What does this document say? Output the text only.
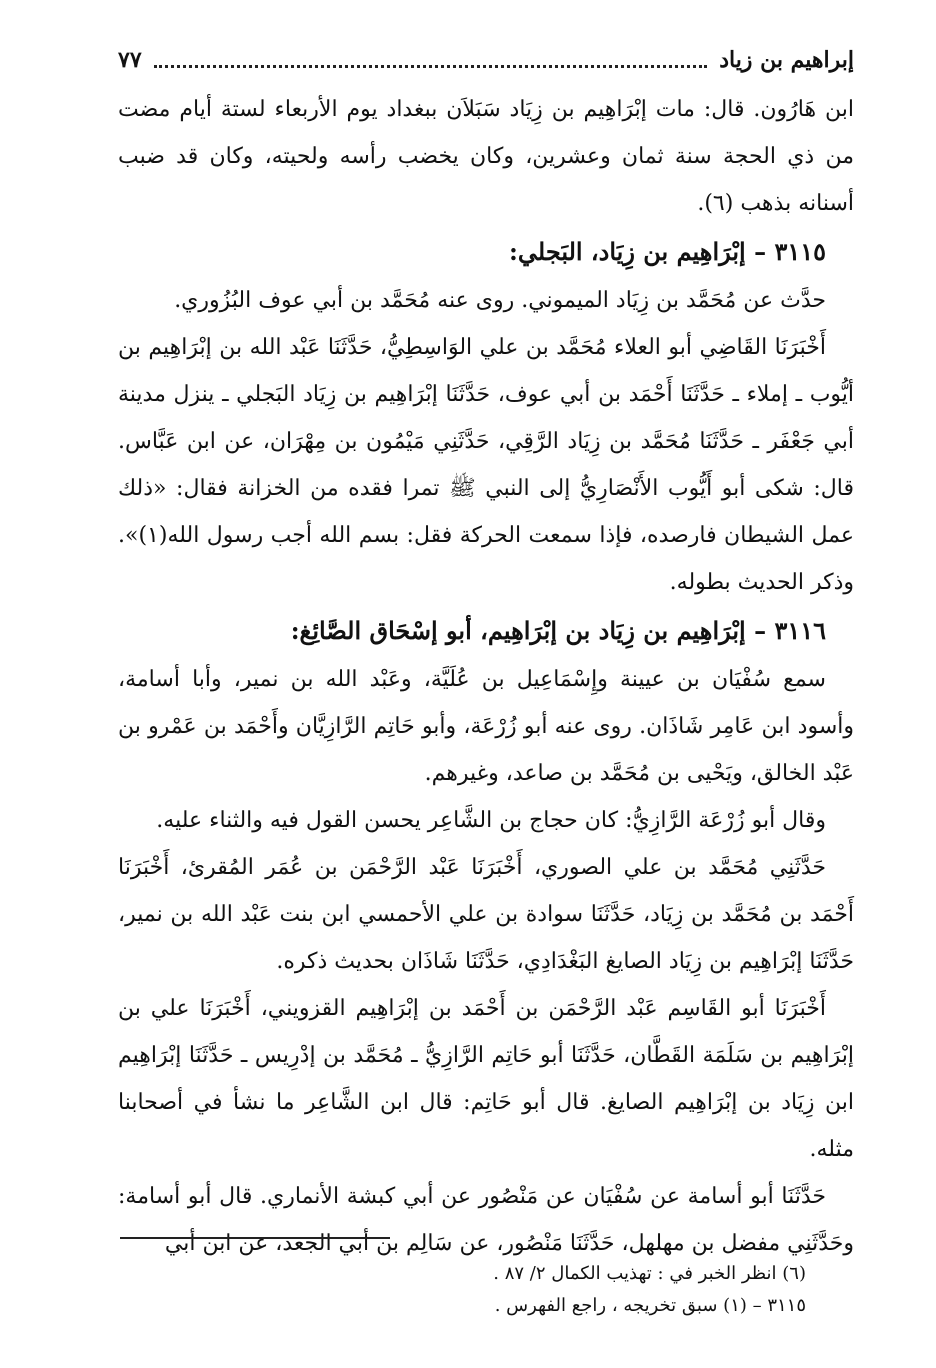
إبراهيم بن زياد
٧٧

ابن هَارُون. قال: مات إبْرَاهِيم بن زِيَاد سَبَلاَن ببغداد يوم الأربعاء لستة أيام مضت من ذي الحجة سنة ثمان وعشرين، وكان يخضب رأسه ولحيته، وكان قد ضبب أسنانه بذهب (٦).

٣١١٥ – إبْرَاهِيم بن زِيَاد، البَجلي:

حدَّث عن مُحَمَّد بن زِيَاد الميموني. روى عنه مُحَمَّد بن أبي عوف البُزُوري.

أَخْبَرَنَا القَاضِي أبو العلاء مُحَمَّد بن علي الوَاسِطِيُّ، حَدَّثَنَا عَبْد الله بن إبْرَاهِيم بن أيُّوب ـ إملاء ـ حَدَّثَنَا أَحْمَد بن أبي عوف، حَدَّثَنَا إبْرَاهِيم بن زِيَاد البَجلي ـ ينزل مدينة أبي جَعْفَر ـ حَدَّثَنَا مُحَمَّد بن زِيَاد الرَّقِي، حَدَّثَنِي مَيْمُون بن مِهْرَان، عن ابن عَبَّاس. قال: شكى أبو أَيُّوب الأَنْصَارِيُّ إلى النبي ﷺ تمرا فقده من الخزانة فقال: «ذلك عمل الشيطان فارصده، فإذا سمعت الحركة فقل: بسم الله أجب رسول الله(١)». وذكر الحديث بطوله.

٣١١٦ – إبْرَاهِيم بن زِيَاد بن إبْرَاهِيم، أبو إسْحَاق الصَّائِغ:

سمع سُفْيَان بن عيينة وإِسْمَاعِيل بن عُلَيَّة، وعَبْد الله بن نمير، وأبا أسامة، وأسود ابن عَامِر شَاذَان. روى عنه أبو زُرْعَة، وأبو حَاتِم الرَّازِيَّان وأَحْمَد بن عَمْرو بن عَبْد الخالق، ويَحْيى بن مُحَمَّد بن صاعد، وغيرهم.

وقال أبو زُرْعَة الرَّازِيُّ: كان حجاج بن الشَّاعِر يحسن القول فيه والثناء عليه.

حَدَّثَنِي مُحَمَّد بن علي الصوري، أَخْبَرَنَا عَبْد الرَّحْمَن بن عُمَر المُقرئ، أَخْبَرَنَا أَحْمَد بن مُحَمَّد بن زِيَاد، حَدَّثَنَا سوادة بن علي الأحمسي ابن بنت عَبْد الله بن نمير، حَدَّثَنَا إبْرَاهِيم بن زِيَاد الصايغ البَغْدَادِي، حَدَّثَنَا شَاذَان بحديث ذكره.

أَخْبَرَنَا أبو القَاسِم عَبْد الرَّحْمَن بن أَحْمَد بن إبْرَاهِيم القزويني، أَخْبَرَنَا علي بن إبْرَاهِيم بن سَلَمَة القَطَّان، حَدَّثَنَا أبو حَاتِم الرَّازِيُّ ـ مُحَمَّد بن إدْرِيس ـ حَدَّثَنَا إبْرَاهِيم ابن زِيَاد بن إبْرَاهِيم الصايغ. قال أبو حَاتِم: قال ابن الشَّاعِر ما نشأ في أصحابنا مثله.

حَدَّثَنَا أبو أسامة عن سُفْيَان عن مَنْصُور عن أبي كبشة الأنماري. قال أبو أسامة: وحَدَّثَنِي مفضل بن مهلهل، حَدَّثَنَا مَنْصُور، عن سَالِم بن أبي الجعد، عن ابن أبي

(٦) انظر الخبر في : تهذيب الكمال ٢/ ٨٧ .
٣١١٥ – (١) سبق تخريجه ، راجع الفهرس .
